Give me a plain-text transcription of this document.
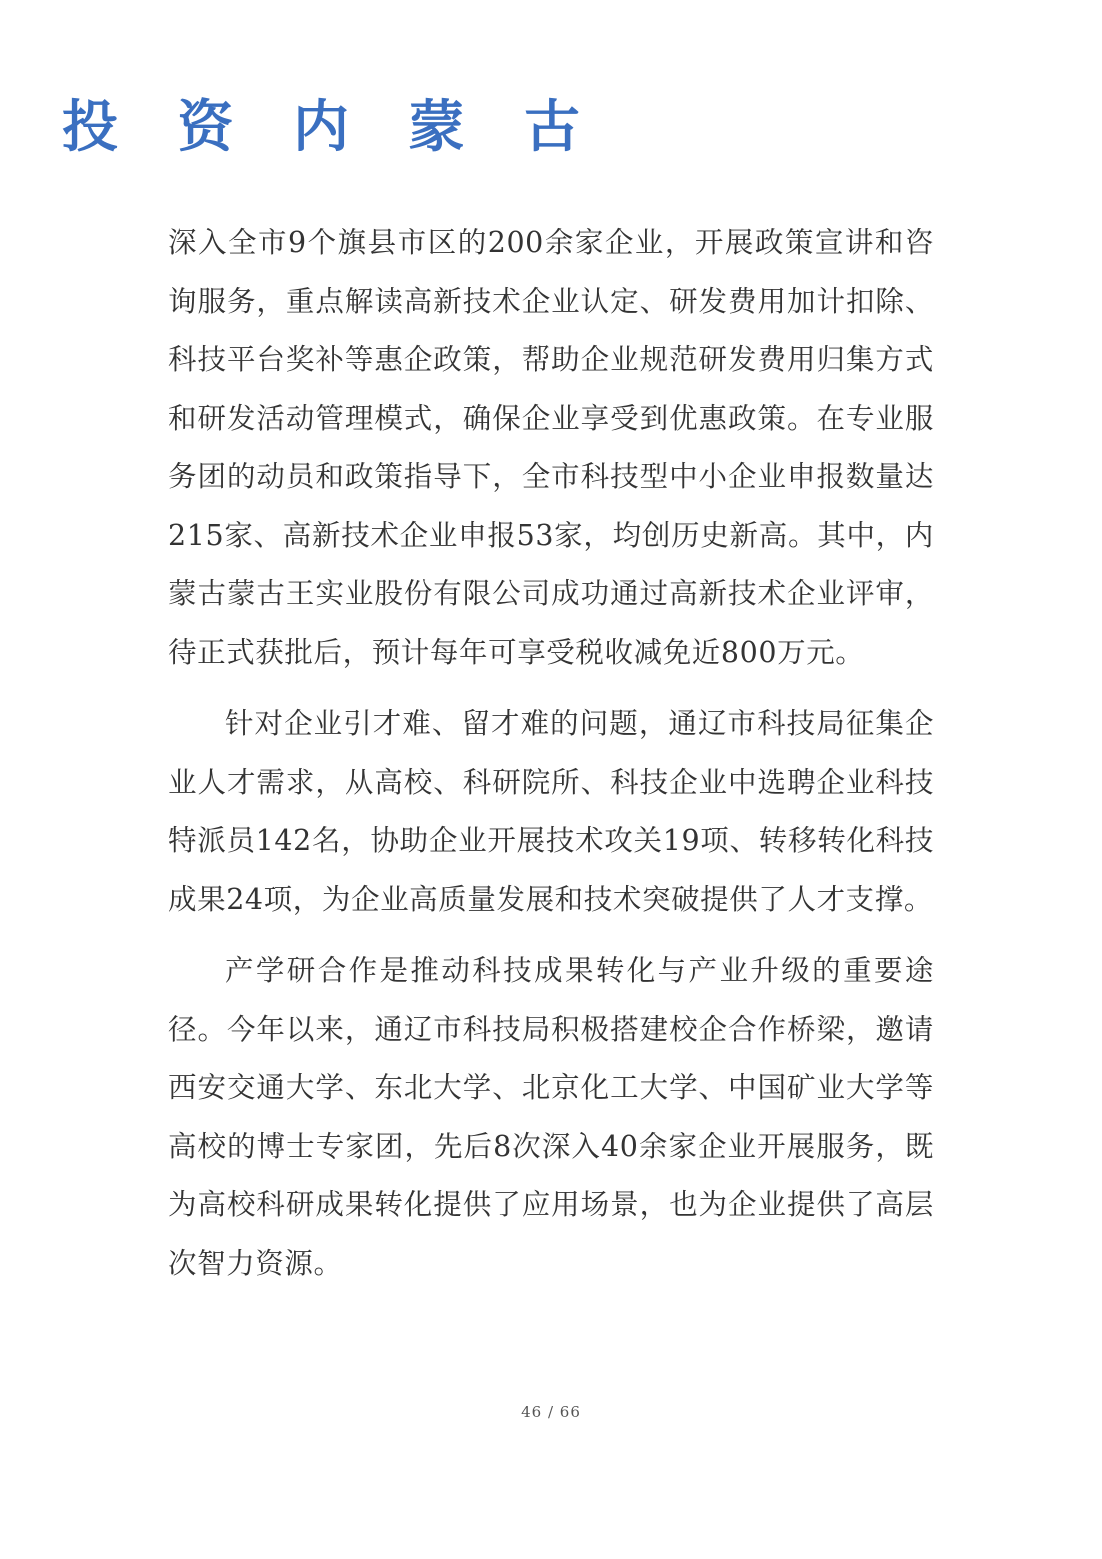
投 资 内 蒙 古

深入全市9个旗县市区的200余家企业，开展政策宣讲和咨询服务，重点解读高新技术企业认定、研发费用加计扣除、科技平台奖补等惠企政策，帮助企业规范研发费用归集方式和研发活动管理模式，确保企业享受到优惠政策。在专业服务团的动员和政策指导下，全市科技型中小企业申报数量达215家、高新技术企业申报53家，均创历史新高。其中，内蒙古蒙古王实业股份有限公司成功通过高新技术企业评审，待正式获批后，预计每年可享受税收减免近800万元。

针对企业引才难、留才难的问题，通辽市科技局征集企业人才需求，从高校、科研院所、科技企业中选聘企业科技特派员142名，协助企业开展技术攻关19项、转移转化科技成果24项，为企业高质量发展和技术突破提供了人才支撑。

产学研合作是推动科技成果转化与产业升级的重要途径。今年以来，通辽市科技局积极搭建校企合作桥梁，邀请西安交通大学、东北大学、北京化工大学、中国矿业大学等高校的博士专家团，先后8次深入40余家企业开展服务，既为高校科研成果转化提供了应用场景，也为企业提供了高层次智力资源。

46 / 66
